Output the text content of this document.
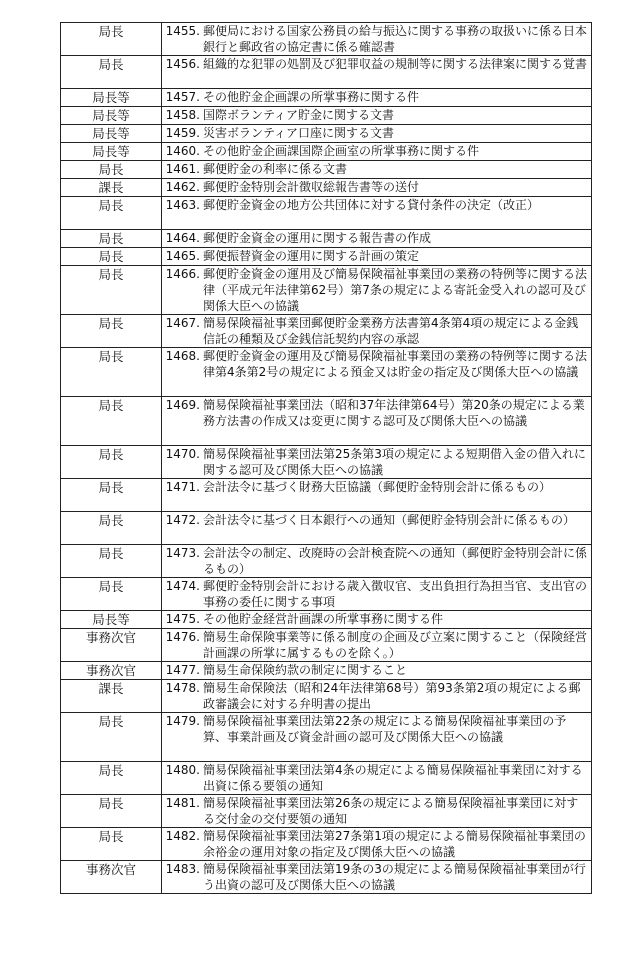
局長	1455. 郵便局における国家公務員の給与振込に関する事務の取扱いに係る日本銀行と郵政省の協定書に係る確認書

局長	1456. 組織的な犯罪の処罰及び犯罪収益の規制等に関する法律案に関する覚書

局長等	1457. その他貯金企画課の所掌事務に関する件

局長等	1458. 国際ボランティア貯金に関する文書

局長等	1459. 災害ボランティア口座に関する文書

局長等	1460. その他貯金企画課国際企画室の所掌事務に関する件

局長	1461. 郵便貯金の利率に係る文書

課長	1462. 郵便貯金特別会計徴収総報告書等の送付

局長	1463. 郵便貯金資金の地方公共団体に対する貸付条件の決定（改正）

局長	1464. 郵便貯金資金の運用に関する報告書の作成

局長	1465. 郵便振替資金の運用に関する計画の策定

局長	1466. 郵便貯金資金の運用及び簡易保険福祉事業団の業務の特例等に関する法律（平成元年法律第62号）第7条の規定による寄託金受入れの認可及び関係大臣への協議

局長	1467. 簡易保険福祉事業団郵便貯金業務方法書第4条第4項の規定による金銭信託の種類及び金銭信託契約内容の承認

局長	1468. 郵便貯金資金の運用及び簡易保険福祉事業団の業務の特例等に関する法律第4条第2号の規定による預金又は貯金の指定及び関係大臣への協議

局長	1469. 簡易保険福祉事業団法（昭和37年法律第64号）第20条の規定による業務方法書の作成又は変更に関する認可及び関係大臣への協議

局長	1470. 簡易保険福祉事業団法第25条第3項の規定による短期借入金の借入れに関する認可及び関係大臣への協議

局長	1471. 会計法令に基づく財務大臣協議（郵便貯金特別会計に係るもの）

局長	1472. 会計法令に基づく日本銀行への通知（郵便貯金特別会計に係るもの）

局長	1473. 会計法令の制定、改廃時の会計検査院への通知（郵便貯金特別会計に係るもの）

局長	1474. 郵便貯金特別会計における歳入徴収官、支出負担行為担当官、支出官の事務の委任に関する事項

局長等	1475. その他貯金経営計画課の所掌事務に関する件

事務次官	1476. 簡易生命保険事業等に係る制度の企画及び立案に関すること（保険経営計画課の所掌に属するものを除く。）

事務次官	1477. 簡易生命保険約款の制定に関すること

課長	1478. 簡易生命保険法（昭和24年法律第68号）第93条第2項の規定による郵政審議会に対する弁明書の提出

局長	1479. 簡易保険福祉事業団法第22条の規定による簡易保険福祉事業団の予算、事業計画及び資金計画の認可及び関係大臣への協議

局長	1480. 簡易保険福祉事業団法第4条の規定による簡易保険福祉事業団に対する出資に係る要領の通知

局長	1481. 簡易保険福祉事業団法第26条の規定による簡易保険福祉事業団に対する交付金の交付要領の通知

局長	1482. 簡易保険福祉事業団法第27条第1項の規定による簡易保険福祉事業団の余裕金の運用対象の指定及び関係大臣への協議

事務次官	1483. 簡易保険福祉事業団法第19条の3の規定による簡易保険福祉事業団が行う出資の認可及び関係大臣への協議
